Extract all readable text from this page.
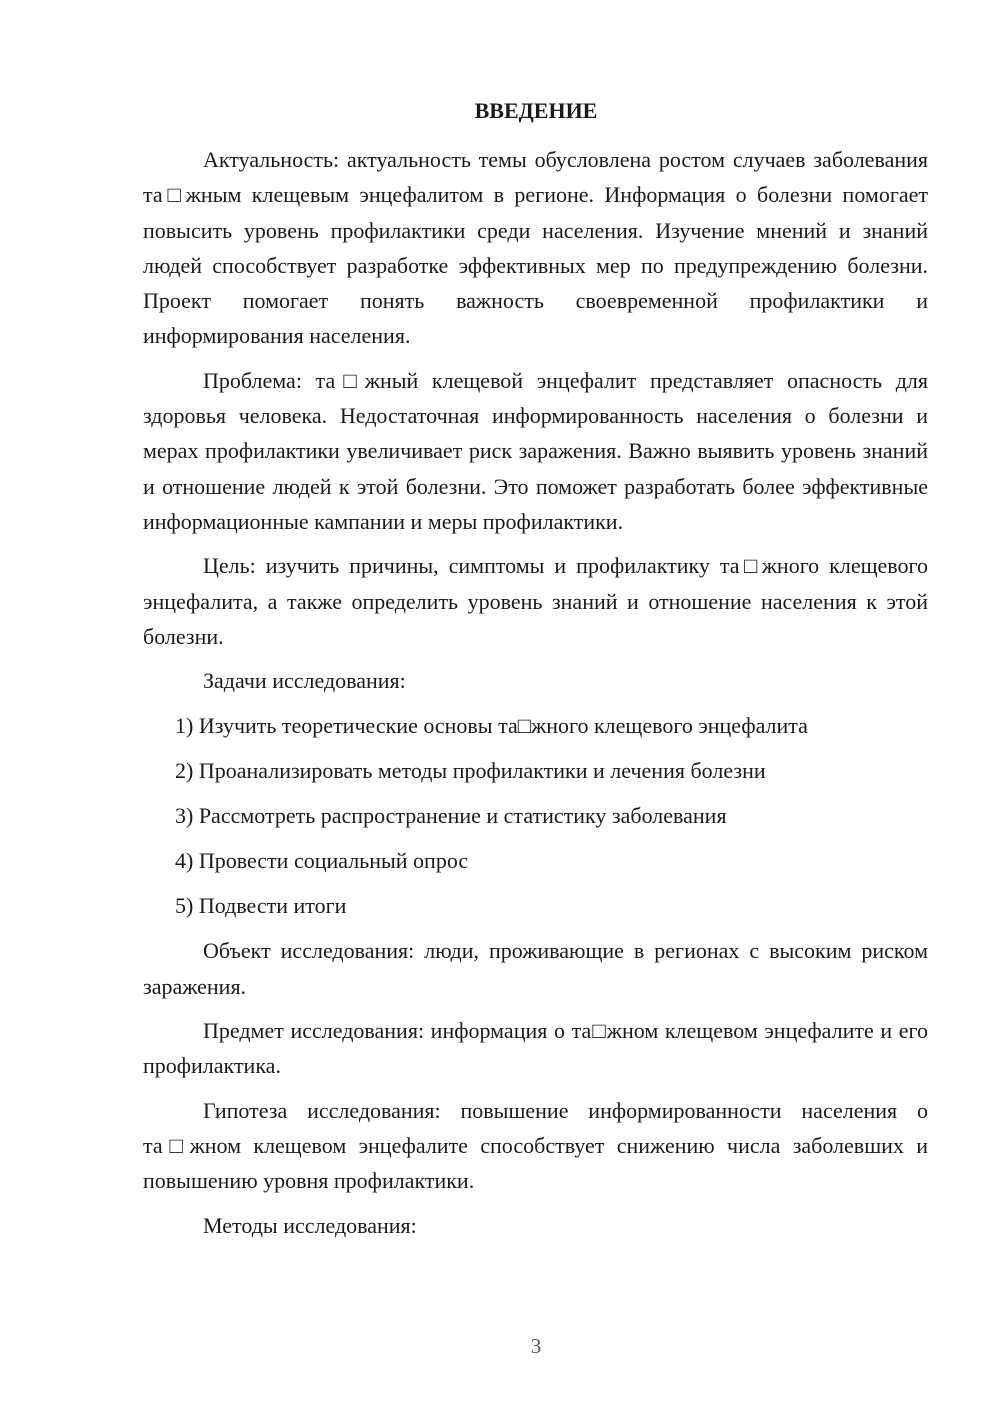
ВВЕДЕНИЕ

Актуальность: актуальность темы обусловлена ростом случаев заболевания та□жным клещевым энцефалитом в регионе. Информация о болезни помогает повысить уровень профилактики среди населения. Изучение мнений и знаний людей способствует разработке эффективных мер по предупреждению болезни. Проект помогает понять важность своевременной профилактики и информирования населения.

Проблема: та□жный клещевой энцефалит представляет опасность для здоровья человека. Недостаточная информированность населения о болезни и мерах профилактики увеличивает риск заражения. Важно выявить уровень знаний и отношение людей к этой болезни. Это поможет разработать более эффективные информационные кампании и меры профилактики.

Цель: изучить причины, симптомы и профилактику та□жного клещевого энцефалита, а также определить уровень знаний и отношение населения к этой болезни.

Задачи исследования:

1) Изучить теоретические основы та□жного клещевого энцефалита

2) Проанализировать методы профилактики и лечения болезни

3) Рассмотреть распространение и статистику заболевания

4) Провести социальный опрос

5) Подвести итоги

Объект исследования: люди, проживающие в регионах с высоким риском заражения.

Предмет исследования: информация о та□жном клещевом энцефалите и его профилактика.

Гипотеза исследования: повышение информированности населения о та□жном клещевом энцефалите способствует снижению числа заболевших и повышению уровня профилактики.

Методы исследования:

3
